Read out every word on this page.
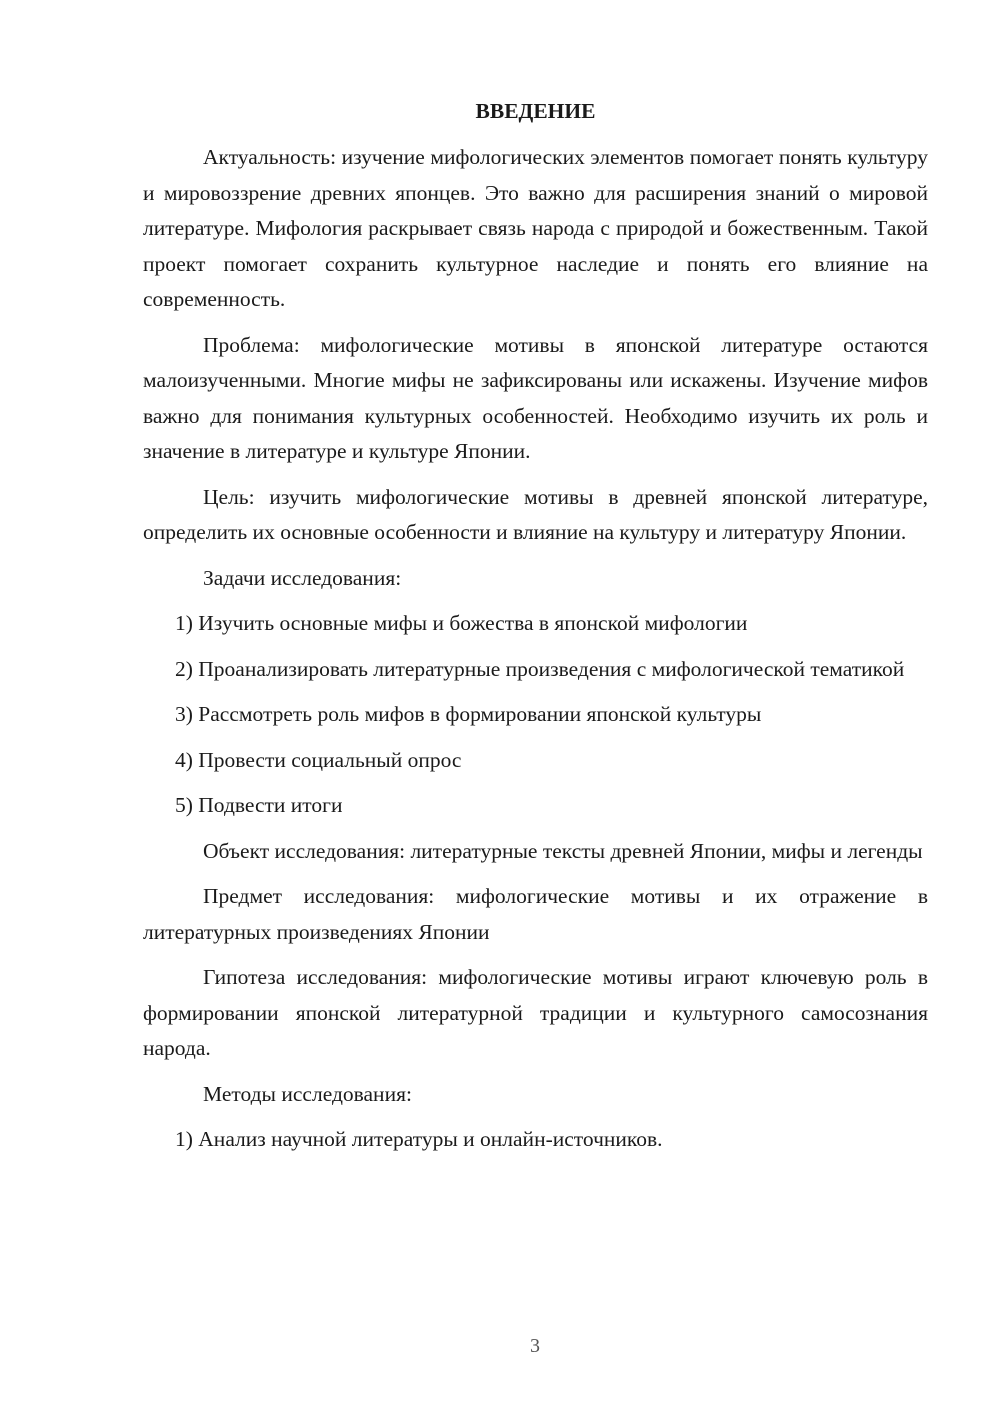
ВВЕДЕНИЕ

Актуальность: изучение мифологических элементов помогает понять культуру и мировоззрение древних японцев. Это важно для расширения знаний о мировой литературе. Мифология раскрывает связь народа с природой и божественным. Такой проект помогает сохранить культурное наследие и понять его влияние на современность.

Проблема: мифологические мотивы в японской литературе остаются малоизученными. Многие мифы не зафиксированы или искажены. Изучение мифов важно для понимания культурных особенностей. Необходимо изучить их роль и значение в литературе и культуре Японии.

Цель: изучить мифологические мотивы в древней японской литературе, определить их основные особенности и влияние на культуру и литературу Японии.

Задачи исследования:

1) Изучить основные мифы и божества в японской мифологии

2) Проанализировать литературные произведения с мифологической тематикой

3) Рассмотреть роль мифов в формировании японской культуры

4) Провести социальный опрос

5) Подвести итоги

Объект исследования: литературные тексты древней Японии, мифы и легенды

Предмет исследования: мифологические мотивы и их отражение в литературных произведениях Японии

Гипотеза исследования: мифологические мотивы играют ключевую роль в формировании японской литературной традиции и культурного самосознания народа.

Методы исследования:

1) Анализ научной литературы и онлайн-источников.

3
